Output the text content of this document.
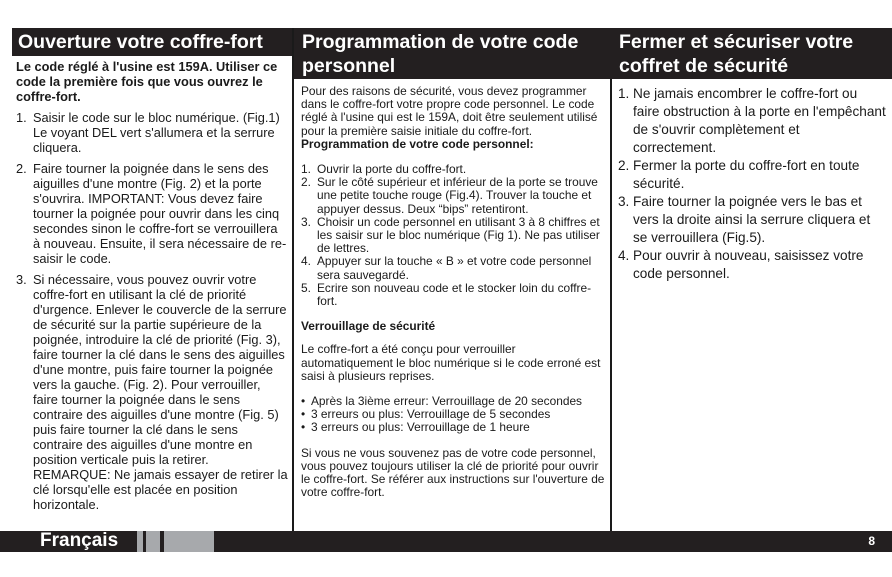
Ouverture votre coffre-fort

Le code réglé à l'usine est 159A. Utiliser ce code la première fois que vous ouvrez le coffre-fort.

1. Saisir le code sur le bloc numérique. (Fig.1) Le voyant DEL vert s'allumera et la serrure cliquera.
2. Faire tourner la poignée dans le sens des aiguilles d'une montre (Fig. 2) et la porte s'ouvrira. IMPORTANT: Vous devez faire tourner la poignée pour ouvrir dans les cinq secondes sinon le coffre-fort se verrouillera à nouveau. Ensuite, il sera nécessaire de re-saisir le code.
3. Si nécessaire, vous pouvez ouvrir votre coffre-fort en utilisant la clé de priorité d'urgence. Enlever le couvercle de la serrure de sécurité sur la partie supérieure de la poignée, introduire la clé de priorité (Fig. 3), faire tourner la clé dans le sens des aiguilles d'une montre, puis faire tourner la poignée vers la gauche. (Fig. 2). Pour verrouiller, faire tourner la poignée dans le sens contraire des aiguilles d'une montre (Fig. 5) puis faire tourner la clé dans le sens contraire des aiguilles d'une montre en position verticale puis la retirer. REMARQUE: Ne jamais essayer de retirer la clé lorsqu'elle est placée en position horizontale.
Programmation de votre code personnel

Pour des raisons de sécurité, vous devez programmer dans le coffre-fort votre propre code personnel. Le code réglé à l'usine qui est le 159A, doit être seulement utilisé pour la première saisie initiale du coffre-fort.

Programmation de votre code personnel:

1. Ouvrir la porte du coffre-fort.
2. Sur le côté supérieur et inférieur de la porte se trouve une petite touche rouge (Fig.4). Trouver la touche et appuyer dessus. Deux “bips” retentiront.
3. Choisir un code personnel en utilisant 3 à 8 chiffres et les saisir sur le bloc numérique (Fig 1). Ne pas utiliser de lettres.
4. Appuyer sur la touche « B » et votre code personnel sera sauvegardé.
5. Ecrire son nouveau code et le stocker loin du coffre-fort.

Verrouillage de sécurité

Le coffre-fort a été conçu pour verrouiller automatiquement le bloc numérique si le code erroné est saisi à plusieurs reprises.

• Après la 3ième erreur: Verrouillage de 20 secondes
• 3 erreurs ou plus: Verrouillage de 5 secondes
• 3 erreurs ou plus: Verrouillage de 1 heure

Si vous ne vous souvenez pas de votre code personnel, vous pouvez toujours utiliser la clé de priorité pour ouvrir le coffre-fort. Se référer aux instructions sur l'ouverture de votre coffre-fort.

Fermer et sécuriser votre coffret de sécurité
1. Ne jamais encombrer le coffre-fort ou faire obstruction à la porte en l'empêchant de s'ouvrir complètement et correctement.
2. Fermer la porte du coffre-fort en toute sécurité.
3. Faire tourner la poignée vers le bas et vers la droite ainsi la serrure cliquera et se verrouillera (Fig.5).
4. Pour ouvrir à nouveau, saisissez votre code personnel.
Français	8
